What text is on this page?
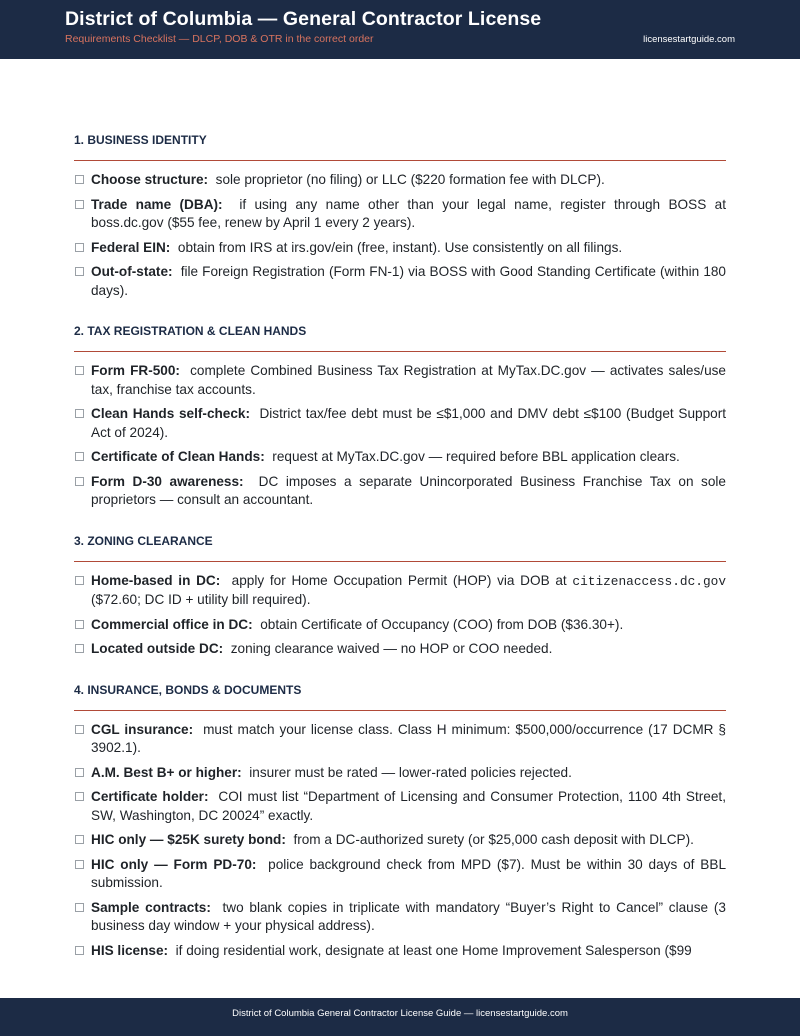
District of Columbia — General Contractor License
Requirements Checklist — DLCP, DOB & OTR in the correct order	licensestartguide.com
1. BUSINESS IDENTITY
Choose structure: sole proprietor (no filing) or LLC ($220 formation fee with DLCP).
Trade name (DBA): if using any name other than your legal name, register through BOSS at boss.dc.gov ($55 fee, renew by April 1 every 2 years).
Federal EIN: obtain from IRS at irs.gov/ein (free, instant). Use consistently on all filings.
Out-of-state: file Foreign Registration (Form FN-1) via BOSS with Good Standing Certificate (within 180 days).
2. TAX REGISTRATION & CLEAN HANDS
Form FR-500: complete Combined Business Tax Registration at MyTax.DC.gov — activates sales/use tax, franchise tax accounts.
Clean Hands self-check: District tax/fee debt must be ≤$1,000 and DMV debt ≤$100 (Budget Support Act of 2024).
Certificate of Clean Hands: request at MyTax.DC.gov — required before BBL application clears.
Form D-30 awareness: DC imposes a separate Unincorporated Business Franchise Tax on sole proprietors — consult an accountant.
3. ZONING CLEARANCE
Home-based in DC: apply for Home Occupation Permit (HOP) via DOB at citizenaccess.dc.gov ($72.60; DC ID + utility bill required).
Commercial office in DC: obtain Certificate of Occupancy (COO) from DOB ($36.30+).
Located outside DC: zoning clearance waived — no HOP or COO needed.
4. INSURANCE, BONDS & DOCUMENTS
CGL insurance: must match your license class. Class H minimum: $500,000/occurrence (17 DCMR § 3902.1).
A.M. Best B+ or higher: insurer must be rated — lower-rated policies rejected.
Certificate holder: COI must list “Department of Licensing and Consumer Protection, 1100 4th Street, SW, Washington, DC 20024” exactly.
HIC only — $25K surety bond: from a DC-authorized surety (or $25,000 cash deposit with DLCP).
HIC only — Form PD-70: police background check from MPD ($7). Must be within 30 days of BBL submission.
Sample contracts: two blank copies in triplicate with mandatory “Buyer’s Right to Cancel” clause (3 business day window + your physical address).
HIS license: if doing residential work, designate at least one Home Improvement Salesperson ($99
District of Columbia General Contractor License Guide — licensestartguide.com
